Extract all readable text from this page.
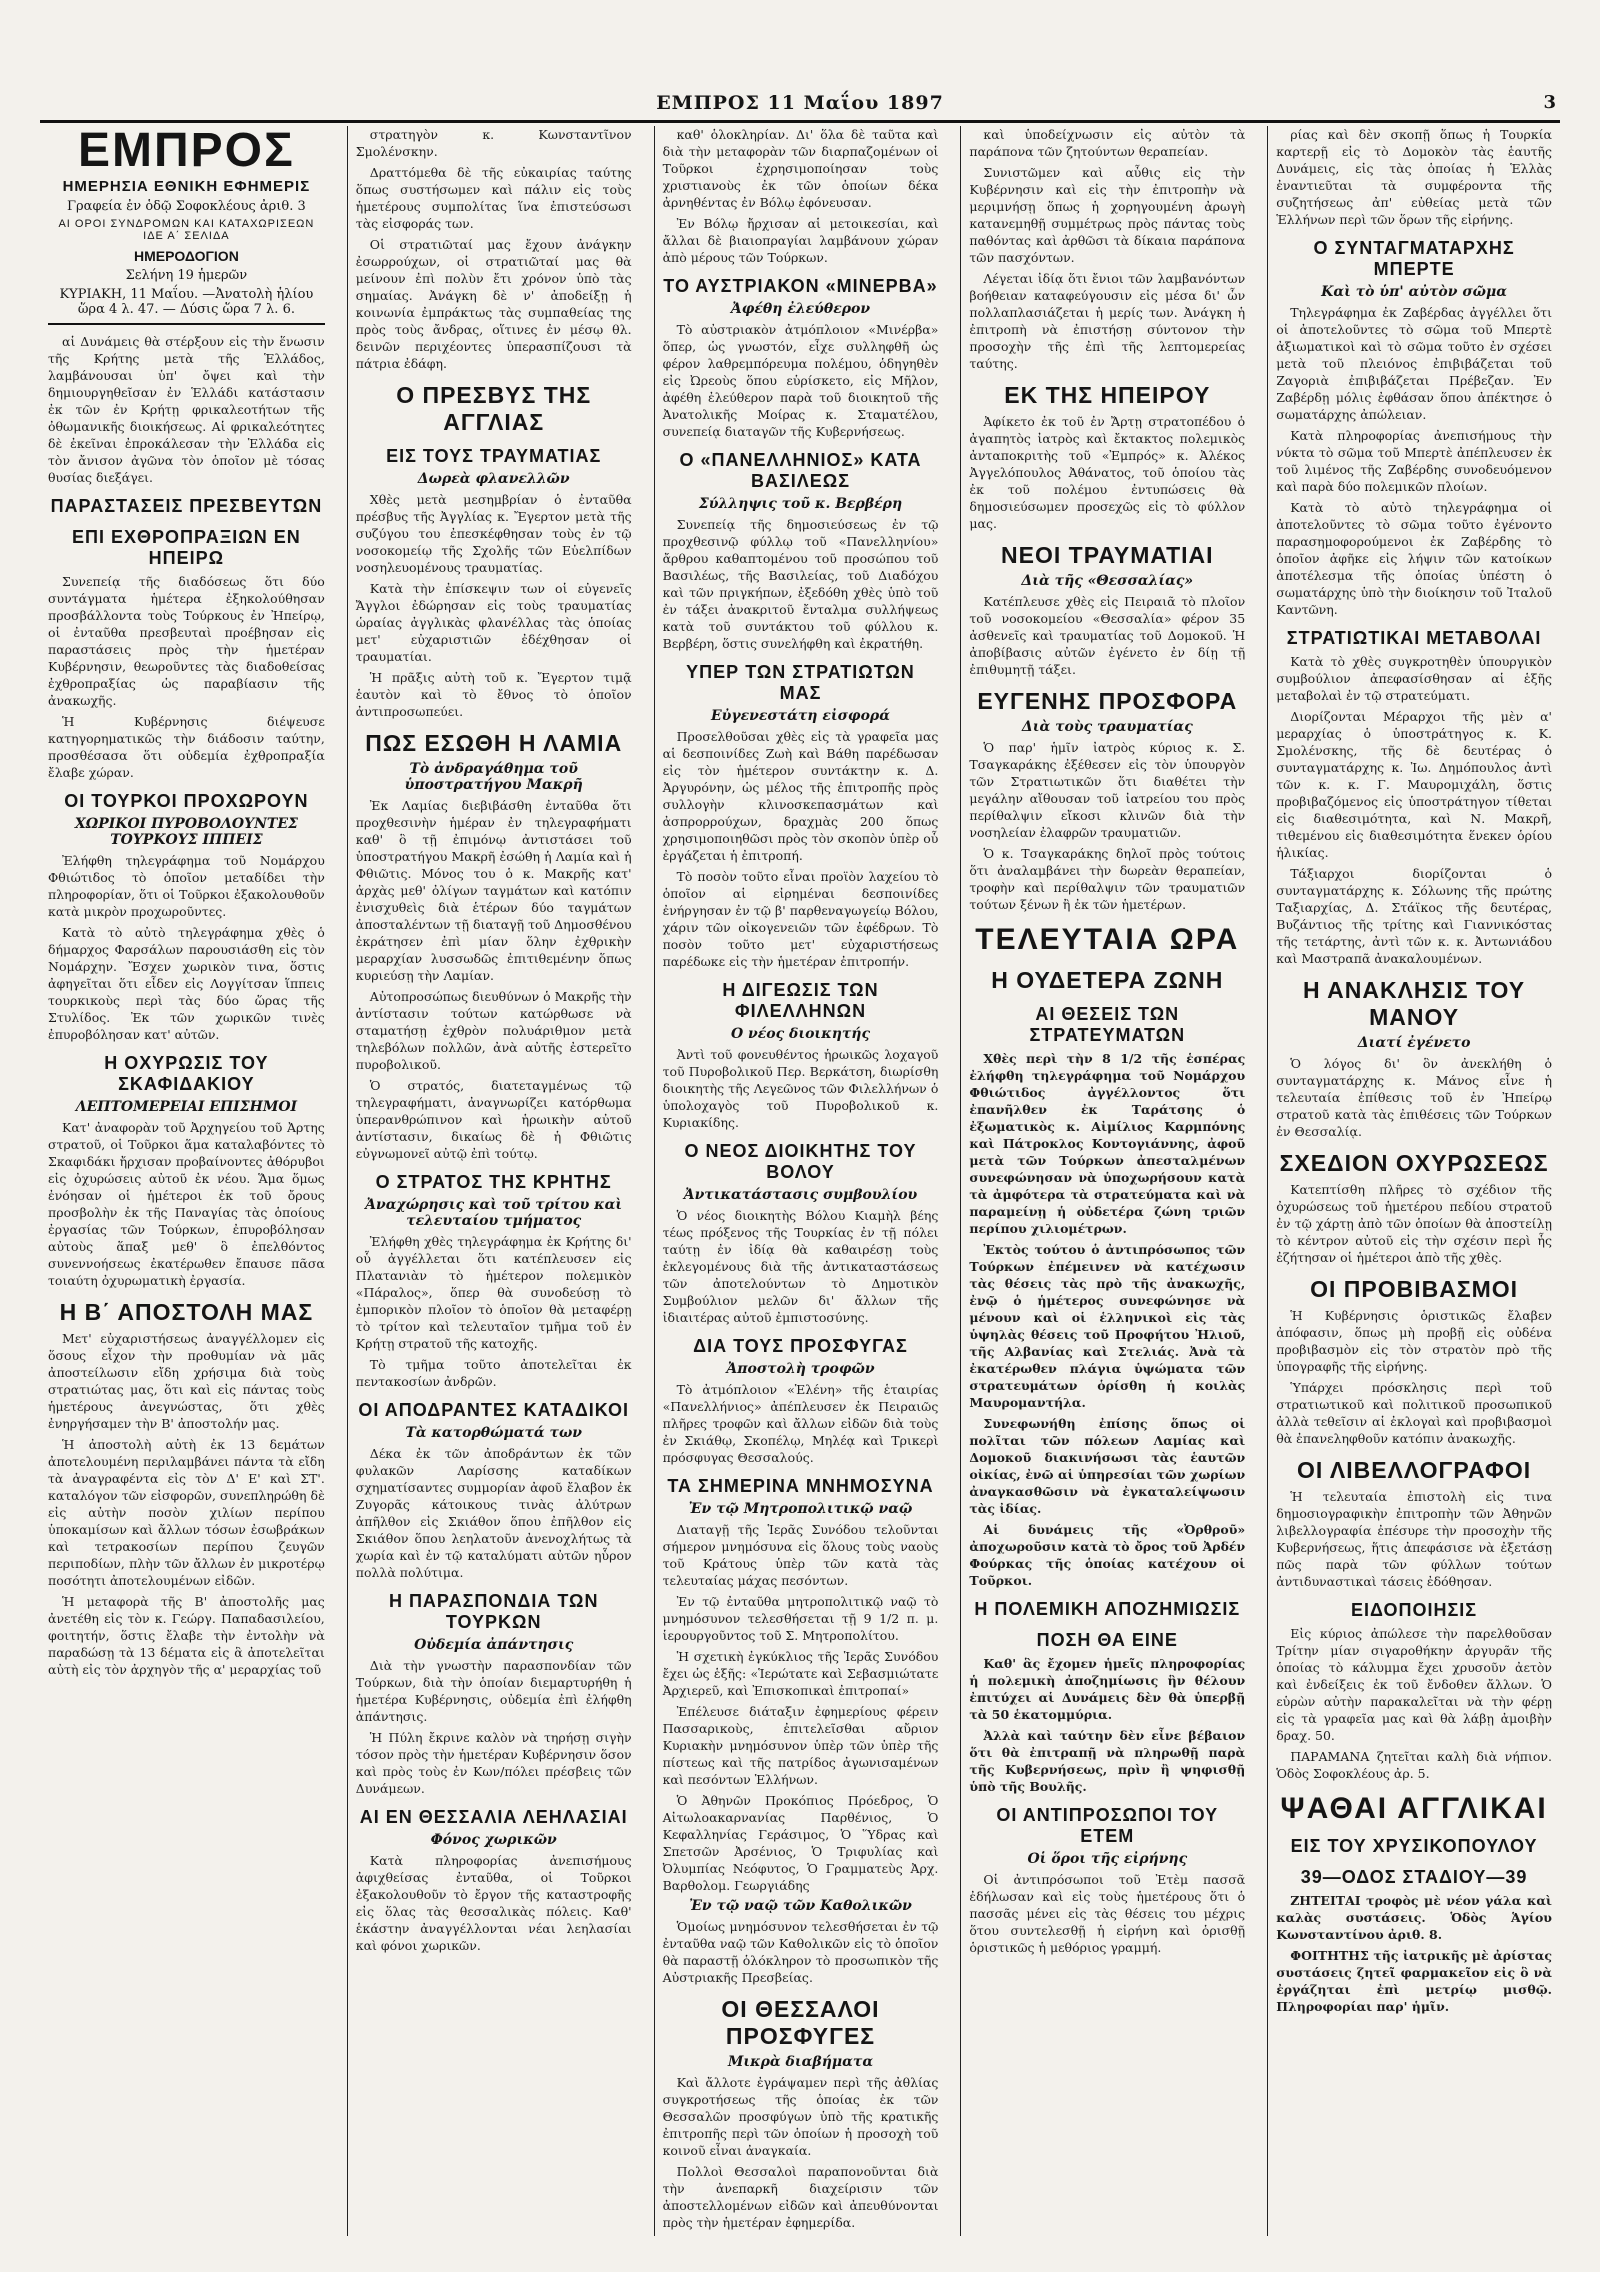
ΕΜΠΡΟΣ 11 Μαΐου 1897	3
ΕΜΠΡΟΣ
ΗΜΕΡΗΣΙΑ ΕΘΝΙΚΗ ΕΦΗΜΕΡΙΣ
Γραφεία ἐν ὁδῷ Σοφοκλέους ἀριθ. 3
ΑΙ ΟΡΟΙ ΣΥΝΔΡΟΜΩΝ ΚΑΙ ΚΑΤΑΧΩΡΙΣΕΩΝ ΙΔΕ Α΄ ΣΕΛΙΔΑ
ΗΜΕΡΟΔΟΓΙΟΝ
Σελήνη 19 ἡμερῶν
ΚΥΡΙΑΚΗ, 11 Μαΐου. —Ἀνατολὴ ἡλίου ὥρα 4 λ. 47. — Δύσις ὥρα 7 λ. 6.

αἱ Δυνάμεις θὰ στέρξουν εἰς τὴν ἕνωσιν τῆς Κρήτης μετὰ τῆς Ἑλλάδος, λαμβάνουσαι ὑπ' ὄψει καὶ τὴν δημιουργηθεῖσαν ἐν Ἑλλάδι κατάστασιν ἐκ τῶν ἐν Κρήτῃ φρικαλεοτήτων τῆς ὀθωμανικῆς διοικήσεως. Αἱ φρικαλεότητες δὲ ἐκεῖναι ἐπροκάλεσαν τὴν Ἑλλάδα εἰς τὸν ἄνισον ἀγῶνα τὸν ὁποῖον μὲ τόσας θυσίας διεξάγει.

ΠΑΡΑΣΤΑΣΕΙΣ ΠΡΕΣΒΕΥΤΩΝ
ΕΠΙ ΕΧΘΡΟΠΡΑΞΙΩΝ ΕΝ ΗΠΕΙΡΩ

Συνεπείᾳ τῆς διαδόσεως ὅτι δύο συντάγματα ἡμέτερα ἐξηκολούθησαν προσβάλλοντα τοὺς Τούρκους ἐν Ἠπείρῳ, οἱ ἐνταῦθα πρεσβευταὶ προέβησαν εἰς παραστάσεις πρὸς τὴν ἡμετέραν Κυβέρνησιν, θεωροῦντες τὰς διαδοθείσας ἐχθροπραξίας ὡς παραβίασιν τῆς ἀνακωχῆς.

Ἡ Κυβέρνησις διέψευσε κατηγορηματικῶς τὴν διάδοσιν ταύτην, προσθέσασα ὅτι οὐδεμία ἐχθροπραξία ἔλαβε χώραν.

ΟΙ ΤΟΥΡΚΟΙ ΠΡΟΧΩΡΟΥΝ
ΧΩΡΙΚΟΙ ΠΥΡΟΒΟΛΟΥΝΤΕΣ ΤΟΥΡΚΟΥΣ ΙΠΠΕΙΣ

Ἐλήφθη τηλεγράφημα τοῦ Νομάρχου Φθιώτιδος τὸ ὁποῖον μεταδίδει τὴν πληροφορίαν, ὅτι οἱ Τοῦρκοι ἐξακολουθοῦν κατὰ μικρὸν προχωροῦντες.

Κατὰ τὸ αὐτὸ τηλεγράφημα χθὲς ὁ δήμαρχος Φαρσάλων παρουσιάσθη εἰς τὸν Νομάρχην. Ἔσχεν χωρικὸν τινα, ὅστις ἀφηγεῖται ὅτι εἶδεν εἰς Λογγίτσαν ἵππεις τουρκικοὺς περὶ τὰς δύο ὥρας τῆς Στυλίδος. Ἐκ τῶν χωρικῶν τινὲς ἐπυροβόλησαν κατ' αὐτῶν.

Η ΟΧΥΡΩΣΙΣ ΤΟΥ ΣΚΑΦΙΔΑΚΙΟΥ
ΛΕΠΤΟΜΕΡΕΙΑΙ ΕΠΙΣΗΜΟΙ

Κατ' ἀναφορὰν τοῦ Ἀρχηγείου τοῦ Ἀρτης στρατοῦ, οἱ Τοῦρκοι ἅμα καταλαβόντες τὸ Σκαφιδάκι ἤρχισαν προβαίνοντες ἀθόρυβοι εἰς ὀχυρώσεις αὐτοῦ ἐκ νέου. Ἅμα ὅμως ἐνόησαν οἱ ἡμέτεροι ἐκ τοῦ ὄρους προσβολὴν ἐκ τῆς Παναγίας τὰς ὁποίους ἐργασίας τῶν Τούρκων, ἐπυροβόλησαν αὐτοὺς ἅπαξ μεθ' ὃ ἐπελθόντος συνεννοήσεως ἐκατέρωθεν ἔπαυσε πᾶσα τοιαύτη ὀχυρωματικὴ ἐργασία.

Η Β΄ ΑΠΟΣΤΟΛΗ ΜΑΣ

Μετ' εὐχαριστήσεως ἀναγγέλλομεν εἰς ὅσους εἶχον τὴν προθυμίαν νὰ μᾶς ἀποστείλωσιν εἴδη χρήσιμα διὰ τοὺς στρατιώτας μας, ὅτι καὶ εἰς πάντας τοὺς ἡμετέρους ἀνεγνώστας, ὅτι χθὲς ἐνηργήσαμεν τὴν Β' ἀποστολήν μας.

Ἡ ἀποστολὴ αὐτὴ ἐκ 13 δεμάτων ἀποτελουμένη περιλαμβάνει πάντα τὰ εἴδη τὰ ἀναγραφέντα εἰς τὸν Δ' Ε' καὶ ΣΤ'. καταλόγον τῶν εἰσφορῶν, συνεπληρώθη δὲ εἰς αὐτὴν ποσὸν χιλίων περίπου ὑποκαμίσων καὶ ἄλλων τόσων ἐσωβράκων καὶ τετρακοσίων περίπου ζευγῶν περιποδίων, πλὴν τῶν ἄλλων ἐν μικροτέρῳ ποσότητι ἀποτελουμένων εἰδῶν.

Ἡ μεταφορὰ τῆς Β' ἀποστολῆς μας ἀνετέθη εἰς τὸν κ. Γεώργ. Παπαδασιλείου, φοιτητήν, ὅστις ἔλαβε τὴν ἐντολὴν νὰ παραδώσῃ τὰ 13 δέματα εἰς ἃ ἀποτελεῖται αὐτὴ εἰς τὸν ἀρχηγὸν τῆς α' μεραρχίας τοῦ

στρατηγὸν κ. Κωνσταντῖνον Σμολένσκην.

Δραττόμεθα δὲ τῆς εὐκαιρίας ταύτης ὅπως συστήσωμεν καὶ πάλιν εἰς τοὺς ἡμετέρους συμπολίτας ἵνα ἐπιστεύσωσι τὰς εἰσφοράς των.

Οἱ στρατιῶταί μας ἔχουν ἀνάγκην ἐσωρρούχων, οἱ στρατιῶταί μας θὰ μείνουν ἐπὶ πολὺν ἔτι χρόνον ὑπὸ τὰς σημαίας. Ἀνάγκη δὲ ν' ἀποδείξῃ ἡ κοινωνία ἐμπράκτως τὰς συμπαθείας της πρὸς τοὺς ἄνδρας, οἵτινες ἐν μέσῳ θλ. δεινῶν περιχέοντες ὑπερασπίζουσι τὰ πάτρια ἐδάφη.

Ο ΠΡΕΣΒΥΣ ΤΗΣ ΑΓΓΛΙΑΣ
ΕΙΣ ΤΟΥΣ ΤΡΑΥΜΑΤΙΑΣ
Δωρεὰ φλανελλῶν

Χθὲς μετὰ μεσημβρίαν ὁ ἐνταῦθα πρέσβυς τῆς Ἀγγλίας κ. Ἔγερτον μετὰ τῆς συζύγου του ἐπεσκέφθησαν τοὺς ἐν τῷ νοσοκομείῳ τῆς Σχολῆς τῶν Εὐελπίδων νοσηλευομένους τραυματίας.

Κατὰ τὴν ἐπίσκεψιν των οἱ εὐγενεῖς Ἄγγλοι ἐδώρησαν εἰς τοὺς τραυματίας ὡραίας ἀγγλικὰς φλανέλλας τὰς ὁποίας μετ' εὐχαριστιῶν ἐδέχθησαν οἱ τραυματίαι.

Ἡ πρᾶξις αὐτὴ τοῦ κ. Ἔγερτον τιμᾷ ἑαυτὸν καὶ τὸ ἔθνος τὸ ὁποῖον ἀντιπροσωπεύει.

ΠΩΣ ΕΣΩΘΗ Η ΛΑΜΙΑ
Τὸ ἀνδραγάθημα τοῦ ὑποστρατήγου Μακρῆ

Ἐκ Λαμίας διεβιβάσθη ἐνταῦθα ὅτι προχθεσινὴν ἡμέραν ἐν τηλεγραφήματι καθ' ὃ τῇ ἐπιμόνῳ ἀντιστάσει τοῦ ὑποστρατήγου Μακρῆ ἐσώθη ἡ Λαμία καὶ ἡ Φθιῶτις. Μόνος του ὁ κ. Μακρῆς κατ' ἀρχὰς μεθ' ὀλίγων ταγμάτων καὶ κατόπιν ἐνισχυθεὶς διὰ ἑτέρων δύο ταγμάτων ἀποσταλέντων τῇ διαταγῇ τοῦ Δημοσθένου ἐκράτησεν ἐπὶ μίαν ὅλην ἐχθρικὴν μεραρχίαν λυσσωδῶς ἐπιτιθεμένην ὅπως κυριεύσῃ τὴν Λαμίαν.

Αὐτοπροσώπως διευθύνων ὁ Μακρῆς τὴν ἀντίστασιν τούτων κατώρθωσε νὰ σταματήσῃ ἐχθρὸν πολυάριθμον μετὰ τηλεβόλων πολλῶν, ἀνὰ αὐτῆς ἐστερεῖτο πυροβολικοῦ.

Ὁ στρατός, διατεταγμένως τῷ τηλεγραφήματι, ἀναγνωρίζει κατόρθωμα ὑπερανθρώπινον καὶ ἡρωικὴν αὐτοῦ ἀντίστασιν, δικαίως δὲ ἡ Φθιῶτις εὐγνωμονεῖ αὐτῷ ἐπὶ τούτῳ.

Ο ΣΤΡΑΤΟΣ ΤΗΣ ΚΡΗΤΗΣ
Ἀναχώρησις καὶ τοῦ τρίτου καὶ τελευταίου τμήματος

Ἐλήφθη χθὲς τηλεγράφημα ἐκ Κρήτης δι' οὗ ἀγγέλλεται ὅτι κατέπλευσεν εἰς Πλατανιὰν τὸ ἡμέτερον πολεμικὸν «Πάραλος», ὅπερ θὰ συνοδεύσῃ τὸ ἐμπορικὸν πλοῖον τὸ ὁποῖον θὰ μεταφέρῃ τὸ τρίτον καὶ τελευταῖον τμῆμα τοῦ ἐν Κρήτῃ στρατοῦ τῆς κατοχῆς.

Τὸ τμῆμα τοῦτο ἀποτελεῖται ἐκ πεντακοσίων ἀνδρῶν.

ΟΙ ΑΠΟΔΡΑΝΤΕΣ ΚΑΤΑΔΙΚΟΙ
Τὰ κατορθώματά των

Δέκα ἐκ τῶν ἀποδράντων ἐκ τῶν φυλακῶν Λαρίσσης καταδίκων σχηματίσαντες συμμορίαν ἀφοῦ ἔλαβον ἐκ Ζυγορᾶς κάτοικους τινὰς ἀλύτρων ἀπῆλθον εἰς Σκιάθον ὅπου ἐπῆλθον εἰς Σκιάθον ὅπου λεηλατοῦν ἀνενοχλήτως τὰ χωρία καὶ ἐν τῷ καταλύματι αὐτῶν ηὗρον πολλὰ πολύτιμα.

Η ΠΑΡΑΣΠΟΝΔΙΑ ΤΩΝ ΤΟΥΡΚΩΝ
Οὐδεμία ἀπάντησις

Διὰ τὴν γνωστὴν παρασπονδίαν τῶν Τούρκων, διὰ τὴν ὁποίαν διεμαρτυρήθη ἡ ἡμετέρα Κυβέρνησις, οὐδεμία ἐπὶ ἐλήφθη ἀπάντησις.

Ἡ Πύλη ἔκρινε καλὸν νὰ τηρήσῃ σιγὴν τόσον πρὸς τὴν ἡμετέραν Κυβέρνησιν ὅσον καὶ πρὸς τοὺς ἐν Κων/πόλει πρέσβεις τῶν Δυνάμεων.

ΑΙ ΕΝ ΘΕΣΣΑΛΙΑ ΛΕΗΛΑΣΙΑΙ
Φόνος χωρικῶν

Κατὰ πληροφορίας ἀνεπισήμους ἀφιχθείσας ἐνταῦθα, οἱ Τοῦρκοι ἐξακολουθοῦν τὸ ἔργον τῆς καταστροφῆς εἰς ὅλας τὰς θεσσαλικὰς πόλεις. Καθ' ἑκάστην ἀναγγέλλονται νέαι λεηλασίαι καὶ φόνοι χωρικῶν.

καθ' ὁλοκληρίαν. Δι' ὅλα δὲ ταῦτα καὶ διὰ τὴν μεταφορὰν τῶν διαρπαζομένων οἱ Τοῦρκοι ἐχρησιμοποίησαν τοὺς χριστιανοὺς ἐκ τῶν ὁποίων δέκα ἀρνηθέντας ἐν Βόλῳ ἐφόνευσαν.

Ἐν Βόλῳ ἤρχισαν αἱ μετοικεσίαι, καὶ ἄλλαι δὲ βιαιοπραγίαι λαμβάνουν χώραν ἀπὸ μέρους τῶν Τούρκων.

ΤΟ ΑΥΣΤΡΙΑΚΟΝ «ΜΙΝΕΡΒΑ»
Ἀφέθη ἐλεύθερον

Τὸ αὐστριακὸν ἀτμόπλοιον «Μινέρβα» ὅπερ, ὡς γνωστόν, εἶχε συλληφθῆ ὡς φέρον λαθρεμπόρευμα πολέμου, ὁδηγηθὲν εἰς Ὠρεοὺς ὅπου εὑρίσκετο, εἰς Μῆλον, ἀφέθη ἐλεύθερον παρὰ τοῦ διοικητοῦ τῆς Ἀνατολικῆς Μοίρας κ. Σταματέλου, συνεπείᾳ διαταγῶν τῆς Κυβερνήσεως.

Ο «ΠΑΝΕΛΛΗΝΙΟΣ» ΚΑΤΑ ΒΑΣΙΛΕΩΣ
Σύλληψις τοῦ κ. Βερβέρη

Συνεπείᾳ τῆς δημοσιεύσεως ἐν τῷ προχθεσινῷ φύλλῳ τοῦ «Πανελληνίου» ἄρθρου καθαπτομένου τοῦ προσώπου τοῦ Βασιλέως, τῆς Βασιλείας, τοῦ Διαδόχου καὶ τῶν πριγκήπων, ἐξεδόθη χθὲς ὑπὸ τοῦ ἐν τάξει ἀνακριτοῦ ἔνταλμα συλλήψεως κατὰ τοῦ συντάκτου τοῦ φύλλου κ. Βερβέρη, ὅστις συνελήφθη καὶ ἐκρατήθη.

ΥΠΕΡ ΤΩΝ ΣΤΡΑΤΙΩΤΩΝ ΜΑΣ
Εὐγενεστάτη εἰσφορά

Προσελθοῦσαι χθὲς εἰς τὰ γραφεῖα μας αἱ δεσποινίδες Ζωὴ καὶ Βάθη παρέδωσαν εἰς τὸν ἡμέτερον συντάκτην κ. Δ. Ἀργυρόνην, ὡς μέλος τῆς ἐπιτροπῆς πρὸς συλλογὴν κλινοσκεπασμάτων καὶ ἀσπρορρούχων, δραχμὰς 200 ὅπως χρησιμοποιηθῶσι πρὸς τὸν σκοπὸν ὑπὲρ οὗ ἐργάζεται ἡ ἐπιτροπή.

Τὸ ποσὸν τοῦτο εἶναι προϊὸν λαχείου τὸ ὁποῖον αἱ εἰρημέναι δεσποινίδες ἐνήργησαν ἐν τῷ β' παρθεναγωγείῳ Βόλου, χάριν τῶν οἰκογενειῶν τῶν ἐφέδρων. Τὸ ποσὸν τοῦτο μετ' εὐχαριστήσεως παρέδωκε εἰς τὴν ἡμετέραν ἐπιτροπήν.

Η ΔΙΓΕΩΣΙΣ ΤΩΝ ΦΙΛΕΛΛΗΝΩΝ
Ο νέος διοικητής

Ἀντὶ τοῦ φονευθέντος ἡρωικῶς λοχαγοῦ τοῦ Πυροβολικοῦ Περ. Βερκάτση, διωρίσθη διοικητὴς τῆς Λεγεῶνος τῶν Φιλελλήνων ὁ ὑπολοχαγὸς τοῦ Πυροβολικοῦ κ. Κυριακίδης.

Ο ΝΕΟΣ ΔΙΟΙΚΗΤΗΣ ΤΟΥ ΒΟΛΟΥ
Ἀντικατάστασις συμβουλίου

Ὁ νέος διοικητὴς Βόλου Κιαμὴλ βέης τέως πρόξενος τῆς Τουρκίας ἐν τῇ πόλει ταύτῃ ἐν ἰδίᾳ θὰ καθαιρέσῃ τοὺς ἐκλεγομένους διὰ τῆς ἀντικαταστάσεως τῶν ἀποτελούντων τὸ Δημοτικὸν Συμβούλιον μελῶν δι' ἄλλων τῆς ἰδιαιτέρας αὐτοῦ ἐμπιστοσύνης.

ΔΙΑ ΤΟΥΣ ΠΡΟΣΦΥΓΑΣ
Ἀποστολὴ τροφῶν

Τὸ ἀτμόπλοιον «Ἑλένη» τῆς ἑταιρίας «Πανελλήνιος» ἀπέπλευσεν ἐκ Πειραιῶς πλῆρες τροφῶν καὶ ἄλλων εἰδῶν διὰ τοὺς ἐν Σκιάθῳ, Σκοπέλῳ, Μηλέᾳ καὶ Τρικερὶ πρόσφυγας Θεσσαλούς.

ΤΑ ΣΗΜΕΡΙΝΑ ΜΝΗΜΟΣΥΝΑ
Ἐν τῷ Μητροπολιτικῷ ναῷ

Διαταγῇ τῆς Ἱερᾶς Συνόδου τελοῦνται σήμερον μνημόσυνα εἰς ὅλους τοὺς ναοὺς τοῦ Κράτους ὑπὲρ τῶν κατὰ τὰς τελευταίας μάχας πεσόντων.

Ἐν τῷ ἐνταῦθα μητροπολιτικῷ ναῷ τὸ μνημόσυνον τελεσθήσεται τῇ 9 1/2 π. μ. ἱερουργοῦντος τοῦ Σ. Μητροπολίτου.

Ἡ σχετικὴ ἐγκύκλιος τῆς Ἱερᾶς Συνόδου ἔχει ὡς ἑξῆς: «Ἱερώτατε καὶ Σεβασμιώτατε Ἀρχιερεῦ, καὶ Ἐπισκοπικαὶ ἐπιτροπαί»

Ἐπέλευσε διάταξιν ἐφημερίους φέρειν Πασσαρικοὺς, ἐπιτελεῖσθαι αὔριον Κυριακὴν μνημόσυνον ὑπὲρ τῶν ὑπὲρ τῆς πίστεως καὶ τῆς πατρίδος ἀγωνισαμένων καὶ πεσόντων Ἑλλήνων.

Ὁ Ἀθηνῶν Προκόπιος Πρόεδρος, Ὁ Αἰτωλοακαρνανίας Παρθένιος, Ὁ Κεφαλληνίας Γεράσιμος, Ὁ Ὕδρας καὶ Σπετσῶν Ἀρσένιος, Ὁ Τριφυλίας καὶ Ὀλυμπίας Νεόφυτος, Ὁ Γραμματεὺς Ἀρχ. Βαρθολομ. Γεωργιάδης

Ἐν τῷ ναῷ τῶν Καθολικῶν

Ὁμοίως μνημόσυνον τελεσθήσεται ἐν τῷ ἐνταῦθα ναῷ τῶν Καθολικῶν εἰς τὸ ὁποῖον θὰ παραστῇ ὁλόκληρον τὸ προσωπικὸν τῆς Αὐστριακῆς Πρεσβείας.

ΟΙ ΘΕΣΣΑΛΟΙ ΠΡΟΣΦΥΓΕΣ
Μικρὰ διαβήματα

Καὶ ἄλλοτε ἐγράψαμεν περὶ τῆς ἀθλίας συγκροτήσεως τῆς ὁποίας ἐκ τῶν Θεσσαλῶν προσφύγων ὑπὸ τῆς κρατικῆς ἐπιτροπῆς περὶ τῶν ὁποίων ἡ προσοχὴ τοῦ κοινοῦ εἶναι ἀναγκαία.

Πολλοὶ Θεσσαλοὶ παραπονοῦνται διὰ τὴν ἀνεπαρκῆ διαχείρισιν τῶν ἀποστελλομένων εἰδῶν καὶ ἀπευθύνονται πρὸς τὴν ἡμετέραν ἐφημερίδα.

καὶ ὑποδείχνωσιν εἰς αὐτὸν τὰ παράπονα τῶν ζητούντων θεραπείαν.

Συνιστῶμεν καὶ αὖθις εἰς τὴν Κυβέρνησιν καὶ εἰς τὴν ἐπιτροπὴν νὰ μεριμνήσῃ ὅπως ἡ χορηγουμένη ἀρωγὴ κατανεμηθῇ συμμέτρως πρὸς πάντας τοὺς παθόντας καὶ ἀρθῶσι τὰ δίκαια παράπονα τῶν πασχόντων.

Λέγεται ἰδίᾳ ὅτι ἔνιοι τῶν λαμβανόντων βοήθειαν καταφεύγουσιν εἰς μέσα δι' ὧν πολλαπλασιάζεται ἡ μερίς των. Ἀνάγκη ἡ ἐπιτροπὴ νὰ ἐπιστήσῃ σύντονον τὴν προσοχὴν τῆς ἐπὶ τῆς λεπτομερείας ταύτης.

ΕΚ ΤΗΣ ΗΠΕΙΡΟΥ

Ἀφίκετο ἐκ τοῦ ἐν Ἄρτῃ στρατοπέδου ὁ ἀγαπητὸς ἰατρὸς καὶ ἔκτακτος πολεμικὸς ἀνταποκριτὴς τοῦ «Ἐμπρός» κ. Ἀλέκος Ἀγγελόπουλος Ἀθάνατος, τοῦ ὁποίου τὰς ἐκ τοῦ πολέμου ἐντυπώσεις θὰ δημοσιεύσωμεν προσεχῶς εἰς τὸ φύλλον μας.

ΝΕΟΙ ΤΡΑΥΜΑΤΙΑΙ
Διὰ τῆς «Θεσσαλίας»

Κατέπλευσε χθὲς εἰς Πειραιᾶ τὸ πλοῖον τοῦ νοσοκομείου «Θεσσαλία» φέρον 35 ἀσθενεῖς καὶ τραυματίας τοῦ Δομοκοῦ. Ἡ ἀποβίβασις αὐτῶν ἐγένετο ἐν δίῃ τῇ ἐπιθυμητῇ τάξει.

ΕΥΓΕΝΗΣ ΠΡΟΣΦΟΡΑ
Διὰ τοὺς τραυματίας

Ὁ παρ' ἡμῖν ἰατρὸς κύριος κ. Σ. Τσαγκαράκης ἐξέθεσεν εἰς τὸν ὑπουργὸν τῶν Στρατιωτικῶν ὅτι διαθέτει τὴν μεγάλην αἴθουσαν τοῦ ἰατρείου του πρὸς περίθαλψιν εἴκοσι κλινῶν διὰ τὴν νοσηλείαν ἐλαφρῶν τραυματιῶν.

Ὁ κ. Τσαγκαράκης δηλοῖ πρὸς τούτοις ὅτι ἀναλαμβάνει τὴν δωρεὰν θεραπείαν, τροφὴν καὶ περίθαλψιν τῶν τραυματιῶν τούτων ξένων ἢ ἐκ τῶν ἡμετέρων.

ΤΕΛΕΥΤΑΙΑ ΩΡΑ
Η ΟΥΔΕΤΕΡΑ ΖΩΝΗ
ΑΙ ΘΕΣΕΙΣ ΤΩΝ ΣΤΡΑΤΕΥΜΑΤΩΝ

Χθὲς περὶ τὴν 8 1/2 τῆς ἑσπέρας ἐλήφθη τηλεγράφημα τοῦ Νομάρχου Φθιώτιδος ἀγγέλλοντος ὅτι ἐπανῆλθεν ἐκ Ταράτσης ὁ ἐξωματικὸς κ. Αἰμίλιος Καρμπόνης καὶ Πάτροκλος Κοντογιάννης, ἀφοῦ μετὰ τῶν Τούρκων ἀπεσταλμένων συνεφώνησαν νὰ ὑποχωρήσουν κατὰ τὰ ἀμφότερα τὰ στρατεύματα καὶ νὰ παραμείνῃ ἡ οὐδετέρα ζώνη τριῶν περίπου χιλιομέτρων.

Ἐκτὸς τούτου ὁ ἀντιπρόσωπος τῶν Τούρκων ἐπέμεινεν νὰ κατέχωσιν τὰς θέσεις τὰς πρὸ τῆς ἀνακωχῆς, ἐνῷ ὁ ἡμέτερος συνεφώνησε νὰ μένουν καὶ οἱ ἑλληνικοὶ εἰς τὰς ὑψηλὰς θέσεις τοῦ Προφήτου Ἠλιοῦ, τῆς Αλβανίας καὶ Στελιάς. Ἀνὰ τὰ ἐκατέρωθεν πλάγια ὑψώματα τῶν στρατευμάτων ὁρίσθη ἡ κοιλὰς Μαυρομαντήλα.

Συνεφωνήθη ἐπίσης ὅπως οἱ πολῖται τῶν πόλεων Λαμίας καὶ Δομοκοῦ διακινήσωσι τὰς ἑαυτῶν οἰκίας, ἐνῶ αἱ ὑπηρεσίαι τῶν χωρίων ἀναγκασθῶσιν νὰ ἐγκαταλείψωσιν τὰς ἰδίας.

Αἱ δυνάμεις τῆς «Ὀρθροῦ» ἀποχωροῦσιν κατὰ τὸ ὄρος τοῦ Ἀρδέν Φούρκας τῆς ὁποίας κατέχουν οἱ Τοῦρκοι.

Η ΠΟΛΕΜΙΚΗ ΑΠΟΖΗΜΙΩΣΙΣ
ΠΟΣΗ ΘΑ ΕΙΝΕ

Καθ' ἃς ἔχομεν ἡμεῖς πληροφορίας ἡ πολεμικὴ ἀποζημίωσις ἣν θέλουν ἐπιτύχει αἱ Δυνάμεις δὲν θὰ ὑπερβῇ τὰ 50 ἑκατομμύρια.

Ἀλλὰ καὶ ταύτην δὲν εἶνε βέβαιον ὅτι θὰ ἐπιτραπῇ νὰ πληρωθῇ παρὰ τῆς Κυβερνήσεως, πρὶν ἢ ψηφισθῇ ὑπὸ τῆς Βουλῆς.

ΟΙ ΑΝΤΙΠΡΟΣΩΠΟΙ ΤΟΥ ΕΤΕΜ
Οἱ ὅροι τῆς εἰρήνης

Οἱ ἀντιπρόσωποι τοῦ Ἐτὲμ πασσᾶ ἐδήλωσαν καὶ εἰς τοὺς ἡμετέρους ὅτι ὁ πασσᾶς μένει εἰς τὰς θέσεις του μέχρις ὅτου συντελεσθῇ ἡ εἰρήνη καὶ ὁρισθῇ ὁριστικῶς ἡ μεθόριος γραμμή.

ρίας καὶ δὲν σκοπῇ ὅπως ἡ Τουρκία καρτερῇ εἰς τὸ Δομοκὸν τὰς ἑαυτῆς Δυνάμεις, εἰς τὰς ὁποίας ἡ Ἑλλὰς ἐναντιεῦται τὰ συμφέροντα τῆς συζητήσεως ἀπ' εὐθείας μετὰ τῶν Ἑλλήνων περὶ τῶν ὅρων τῆς εἰρήνης.

Ο ΣΥΝΤΑΓΜΑΤΑΡΧΗΣ ΜΠΕΡΤΕ
Καὶ τὸ ὑπ' αὐτὸν σῶμα

Τηλεγράφημα ἐκ Ζαβέρδας ἀγγέλλει ὅτι οἱ ἀποτελοῦντες τὸ σῶμα τοῦ Μπερτὲ ἀξιωματικοὶ καὶ τὸ σῶμα τοῦτο ἐν σχέσει μετὰ τοῦ πλειόνος ἐπιβιβάζεται τοῦ Ζαγοριὰ ἐπιβιβάζεται Πρέβεζαν. Ἐν Ζαβέρδῃ μόλις ἐφθάσαν ὅπου ἀπέκτησε ὁ σωματάρχης ἀπώλειαν.

Κατὰ πληροφορίας ἀνεπισήμους τὴν νύκτα τὸ σῶμα τοῦ Μπερτὲ ἀπέπλευσεν ἐκ τοῦ λιμένος τῆς Ζαβέρδης συνοδευόμενον καὶ παρὰ δύο πολεμικῶν πλοίων.

Κατὰ τὸ αὐτὸ τηλεγράφημα οἱ ἀποτελοῦντες τὸ σῶμα τοῦτο ἐγένοντο παρασημοφορούμενοι ἐκ Ζαβέρδης τὸ ὁποῖον ἀφῆκε εἰς λήψιν τῶν κατοίκων ἀποτέλεσμα τῆς ὁποίας ὑπέστη ὁ σωματάρχης ὑπὸ τὴν διοίκησιν τοῦ Ἰταλοῦ Καντῶνη.

ΣΤΡΑΤΙΩΤΙΚΑΙ ΜΕΤΑΒΟΛΑΙ

Κατὰ τὸ χθὲς συγκροτηθὲν ὑπουργικὸν συμβούλιον ἀπεφασίσθησαν αἱ ἑξῆς μεταβολαὶ ἐν τῷ στρατεύματι.

Διορίζονται Μέραρχοι τῆς μὲν α' μεραρχίας ὁ ὑποστράτηγος κ. Κ. Σμολένσκης, τῆς δὲ δευτέρας ὁ συνταγματάρχης κ. Ἰω. Δημόπουλος ἀντὶ τῶν κ. κ. Γ. Μαυρομιχάλη, ὅστις προβιβαζόμενος εἰς ὑποστράτηγον τίθεται εἰς διαθεσιμότητα, καὶ Ν. Μακρῆ, τιθεμένου εἰς διαθεσιμότητα ἕνεκεν ὁρίου ἡλικίας.

Τάξιαρχοι διορίζονται ὁ συνταγματάρχης κ. Σόλωνης τῆς πρώτης Ταξιαρχίας, Δ. Στάϊκος τῆς δευτέρας, Βυζάντιος τῆς τρίτης καὶ Γιαννικόστας τῆς τετάρτης, ἀντὶ τῶν κ. κ. Ἀντωνιάδου καὶ Μαστραπᾶ ἀνακαλουμένων.

Η ΑΝΑΚΛΗΣΙΣ ΤΟΥ ΜΑΝΟΥ
Διατί ἐγένετο

Ὁ λόγος δι' ὃν ἀνεκλήθη ὁ συνταγματάρχης κ. Μάνος εἶνε ἡ τελευταία ἐπίθεσις τοῦ ἐν Ἠπείρῳ στρατοῦ κατὰ τὰς ἐπιθέσεις τῶν Τούρκων ἐν Θεσσαλίᾳ.

ΣΧΕΔΙΟΝ ΟΧΥΡΩΣΕΩΣ

Κατεπτίσθη πλῆρες τὸ σχέδιον τῆς ὀχυρώσεως τοῦ ἡμετέρου πεδίου στρατοῦ ἐν τῷ χάρτῃ ἀπὸ τῶν ὁποίων θὰ ἀποστείλῃ τὸ κέντρον αὐτοῦ εἰς τὴν σχέσιν περὶ ἧς ἐζήτησαν οἱ ἡμέτεροι ἀπὸ τῆς χθὲς.

ΟΙ ΠΡΟΒΙΒΑΣΜΟΙ

Ἡ Κυβέρνησις ὁριστικῶς ἔλαβεν ἀπόφασιν, ὅπως μὴ προβῇ εἰς οὐδένα προβιβασμὸν εἰς τὸν στρατὸν πρὸ τῆς ὑπογραφῆς τῆς εἰρήνης.

Ὑπάρχει πρόσκλησις περὶ τοῦ στρατιωτικοῦ καὶ πολιτικοῦ προσωπικοῦ ἀλλὰ τεθεῖσιν αἱ ἐκλογαὶ καὶ προβιβασμοὶ θὰ ἐπανεληφθοῦν κατόπιν ἀνακωχῆς.

ΟΙ ΛΙΒΕΛΛΟΓΡΑΦΟΙ

Ἡ τελευταία ἐπιστολὴ εἰς τινα δημοσιογραφικὴν ἐπιτροπὴν τῶν Ἀθηνῶν λιβελλογραφία ἐπέσυρε τὴν προσοχὴν τῆς Κυβερνήσεως, ἥτις ἀπεφάσισε νὰ ἐξετάσῃ πῶς παρὰ τῶν φύλλων τούτων ἀντιδυναστικαὶ τάσεις ἐδόθησαν.

ΕΙΔΟΠΟΙΗΣΙΣ

Εἰς κύριος ἀπώλεσε τὴν παρελθοῦσαν Τρίτην μίαν σιγαροθήκην ἀργυρᾶν τῆς ὁποίας τὸ κάλυμμα ἔχει χρυσοῦν ἀετὸν καὶ ἐνδείξεις ἐκ τοῦ ἔνδοθεν ἄλλων. Ὁ εὑρὼν αὐτὴν παρακαλεῖται νὰ τὴν φέρῃ εἰς τὰ γραφεῖα μας καὶ θὰ λάβῃ ἀμοιβὴν δραχ. 50.

ΠΑΡΑΜΑΝΑ ζητεῖται καλὴ διὰ νήπιον. Ὁδὸς Σοφοκλέους ἀρ. 5.

ΨΑΘΑΙ ΑΓΓΛΙΚΑΙ
ΕΙΣ ΤΟΥ ΧΡΥΣΙΚΟΠΟΥΛΟΥ
39—ΟΔΟΣ ΣΤΑΔΙΟΥ—39

ΖΗΤΕΙΤΑΙ τροφὸς μὲ νέον γάλα καὶ καλὰς συστάσεις. Ὁδὸς Ἁγίου Κωνσταντίνου ἀριθ. 8.

ΦΟΙΤΗΤΗΣ τῆς ἰατρικῆς μὲ ἀρίστας συστάσεις ζητεῖ φαρμακεῖον εἰς ὃ νὰ ἐργάζηται ἐπὶ μετρίῳ μισθῷ. Πληροφορίαι παρ' ἡμῖν.
